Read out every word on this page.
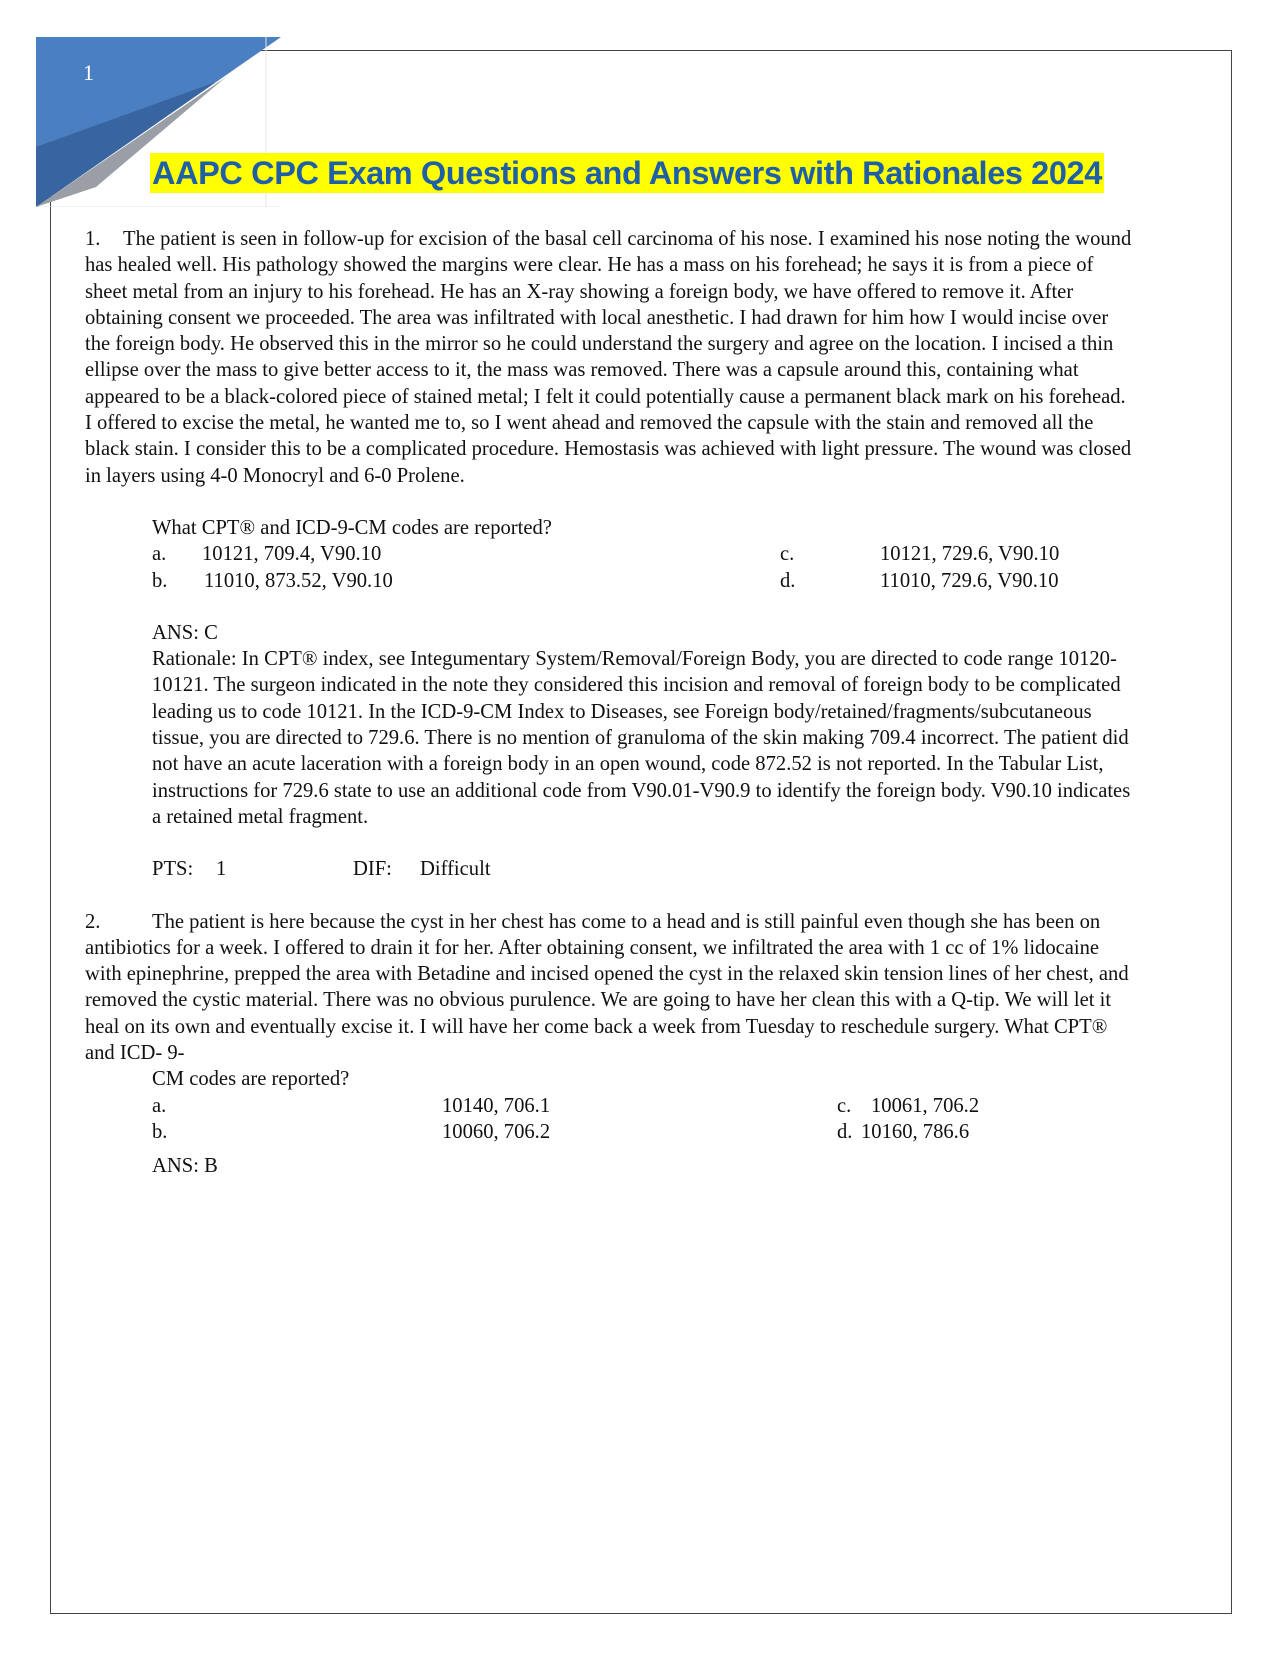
1
AAPC CPC Exam Questions and Answers with Rationales 2024

1. The patient is seen in follow-up for excision of the basal cell carcinoma of his nose. I examined his nose noting the wound has healed well. His pathology showed the margins were clear. He has a mass on his forehead; he says it is from a piece of sheet metal from an injury to his forehead. He has an X-ray showing a foreign body, we have offered to remove it. After obtaining consent we proceeded. The area was infiltrated with local anesthetic. I had drawn for him how I would incise over the foreign body. He observed this in the mirror so he could understand the surgery and agree on the location. I incised a thin ellipse over the mass to give better access to it, the mass was removed. There was a capsule around this, containing what appeared to be a black-colored piece of stained metal; I felt it could potentially cause a permanent black mark on his forehead. I offered to excise the metal, he wanted me to, so I went ahead and removed the capsule with the stain and removed all the black stain. I consider this to be a complicated procedure. Hemostasis was achieved with light pressure. The wound was closed in layers using 4-0 Monocryl and 6-0 Prolene.

What CPT® and ICD-9-CM codes are reported?
a. 10121, 709.4, V90.10
b. 11010, 873.52, V90.10
c.	10121, 729.6, V90.10
d.	11010, 729.6, V90.10
ANS: C
Rationale: In CPT® index, see Integumentary System/Removal/Foreign Body, you are directed to code range 10120-10121. The surgeon indicated in the note they considered this incision and removal of foreign body to be complicated leading us to code 10121. In the ICD-9-CM Index to Diseases, see Foreign body/retained/fragments/subcutaneous tissue, you are directed to 729.6. There is no mention of granuloma of the skin making 709.4 incorrect. The patient did not have an acute laceration with a foreign body in an open wound, code 872.52 is not reported. In the Tabular List, instructions for 729.6 state to use an additional code from V90.01-V90.9 to identify the foreign body. V90.10 indicates a retained metal fragment.
PTS: 1	DIF: Difficult

2.	The patient is here because the cyst in her chest has come to a head and is still painful even though she has been on antibiotics for a week. I offered to drain it for her. After obtaining consent, we infiltrated the area with 1 cc of 1% lidocaine with epinephrine, prepped the area with Betadine and incised opened the cyst in the relaxed skin tension lines of her chest, and removed the cystic material. There was no obvious purulence. We are going to have her clean this with a Q-tip. We will let it heal on its own and eventually excise it. I will have her come back a week from Tuesday to reschedule surgery. What CPT® and ICD- 9-

CM codes are reported?
a.	10140, 706.1
b.	10060, 706.2
c. 10061, 706.2
d. 10160, 786.6
ANS: B
